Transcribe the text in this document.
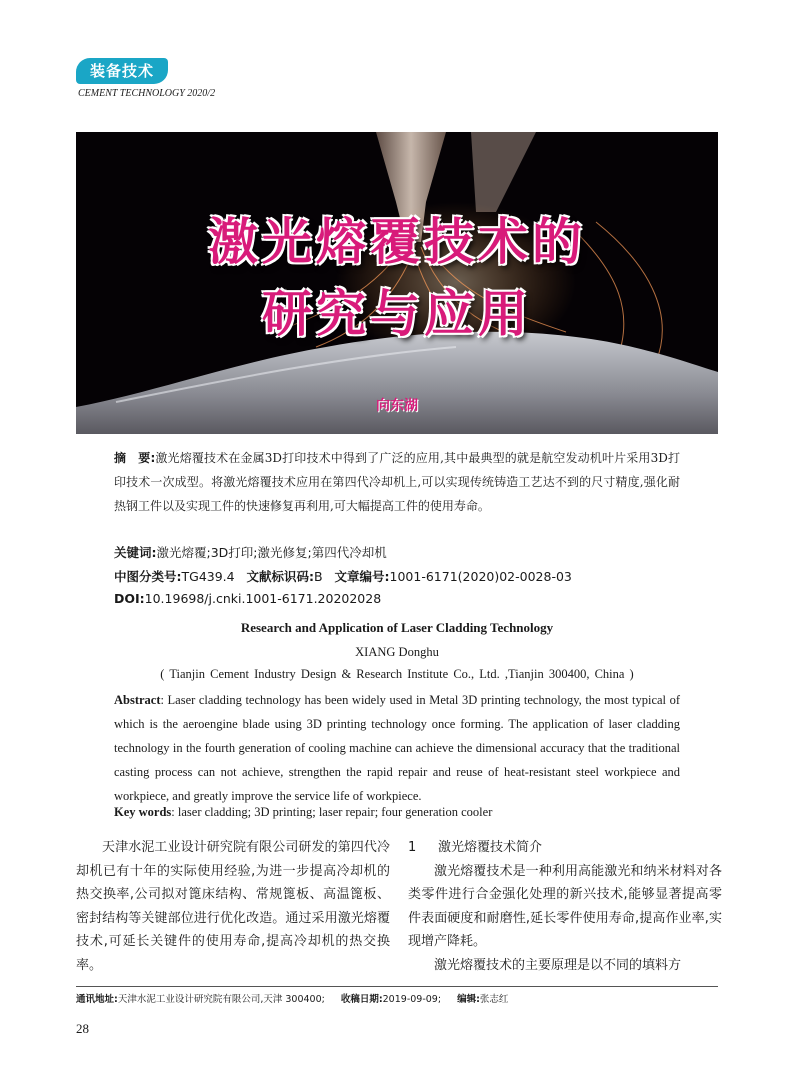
装备技术
CEMENT TECHNOLOGY 2020/2
激光熔覆技术的
研究与应用
向东湖
摘　要:激光熔覆技术在金属3D打印技术中得到了广泛的应用,其中最典型的就是航空发动机叶片采用3D打印技术一次成型。将激光熔覆技术应用在第四代冷却机上,可以实现传统铸造工艺达不到的尺寸精度,强化耐热钢工件以及实现工件的快速修复再利用,可大幅提高工件的使用寿命。
关键词:激光熔覆;3D打印;激光修复;第四代冷却机
中图分类号:TG439.4 文献标识码:B 文章编号:1001-6171(2020)02-0028-03
DOI:10.19698/j.cnki.1001-6171.20202028
Research and Application of Laser Cladding Technology
XIANG Donghu
( Tianjin Cement Industry Design & Research Institute Co., Ltd. ,Tianjin 300400, China )
Abstract: Laser cladding technology has been widely used in Metal 3D printing technology, the most typical of which is the aeroengine blade using 3D printing technology once forming. The application of laser cladding technology in the fourth generation of cooling machine can achieve the dimensional accuracy that the traditional casting process can not achieve, strengthen the rapid repair and reuse of heat-resistant steel workpiece and workpiece, and greatly improve the service life of workpiece.
Key words: laser cladding; 3D printing; laser repair; four generation cooler

天津水泥工业设计研究院有限公司研发的第四代冷却机已有十年的实际使用经验,为进一步提高冷却机的热交换率,公司拟对篦床结构、常规篦板、高温篦板、密封结构等关键部位进行优化改造。通过采用激光熔覆技术,可延长关键件的使用寿命,提高冷却机的热交换率。

1 激光熔覆技术简介

激光熔覆技术是一种利用高能激光和纳米材料对各类零件进行合金强化处理的新兴技术,能够显著提高零件表面硬度和耐磨性,延长零件使用寿命,提高作业率,实现增产降耗。

激光熔覆技术的主要原理是以不同的填料方

通讯地址:天津水泥工业设计研究院有限公司,天津 300400; 收稿日期:2019-09-09; 编辑:张志红
28
